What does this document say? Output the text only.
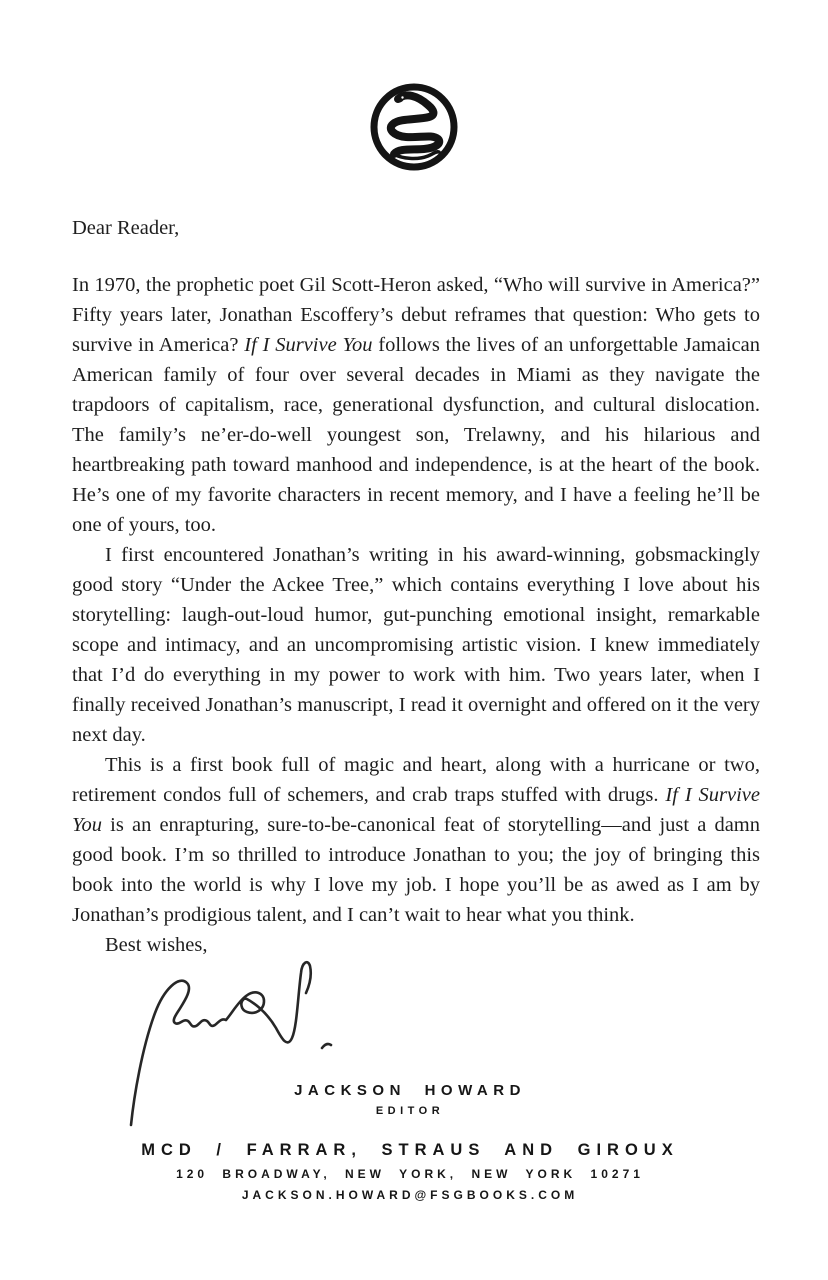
Dear Reader,

In 1970, the prophetic poet Gil Scott-Heron asked, “Who will survive in America?” Fifty years later, Jonathan Escoffery’s debut reframes that question: Who gets to survive in America? If I Survive You follows the lives of an unforgettable Jamaican American family of four over several decades in Miami as they navigate the trapdoors of capitalism, race, generational dysfunction, and cultural dislocation. The family’s ne’er-do-well youngest son, Trelawny, and his hilarious and heartbreaking path toward manhood and independence, is at the heart of the book. He’s one of my favorite characters in recent memory, and I have a feeling he’ll be one of yours, too.

I first encountered Jonathan’s writing in his award-winning, gobsmackingly good story “Under the Ackee Tree,” which contains everything I love about his storytelling: laugh-out-loud humor, gut-punching emotional insight, remarkable scope and intimacy, and an uncompromising artistic vision. I knew immediately that I’d do everything in my power to work with him. Two years later, when I finally received Jonathan’s manuscript, I read it overnight and offered on it the very next day.

This is a first book full of magic and heart, along with a hurricane or two, retirement condos full of schemers, and crab traps stuffed with drugs. If I Survive You is an enrapturing, sure-to-be-canonical feat of storytelling—and just a damn good book. I’m so thrilled to introduce Jonathan to you; the joy of bringing this book into the world is why I love my job. I hope you’ll be as awed as I am by Jonathan’s prodigious talent, and I can’t wait to hear what you think.

Best wishes,

JACKSON HOWARD
EDITOR
MCD / FARRAR, STRAUS AND GIROUX
120 BROADWAY, NEW YORK, NEW YORK 10271
JACKSON.HOWARD@FSGBOOKS.COM
